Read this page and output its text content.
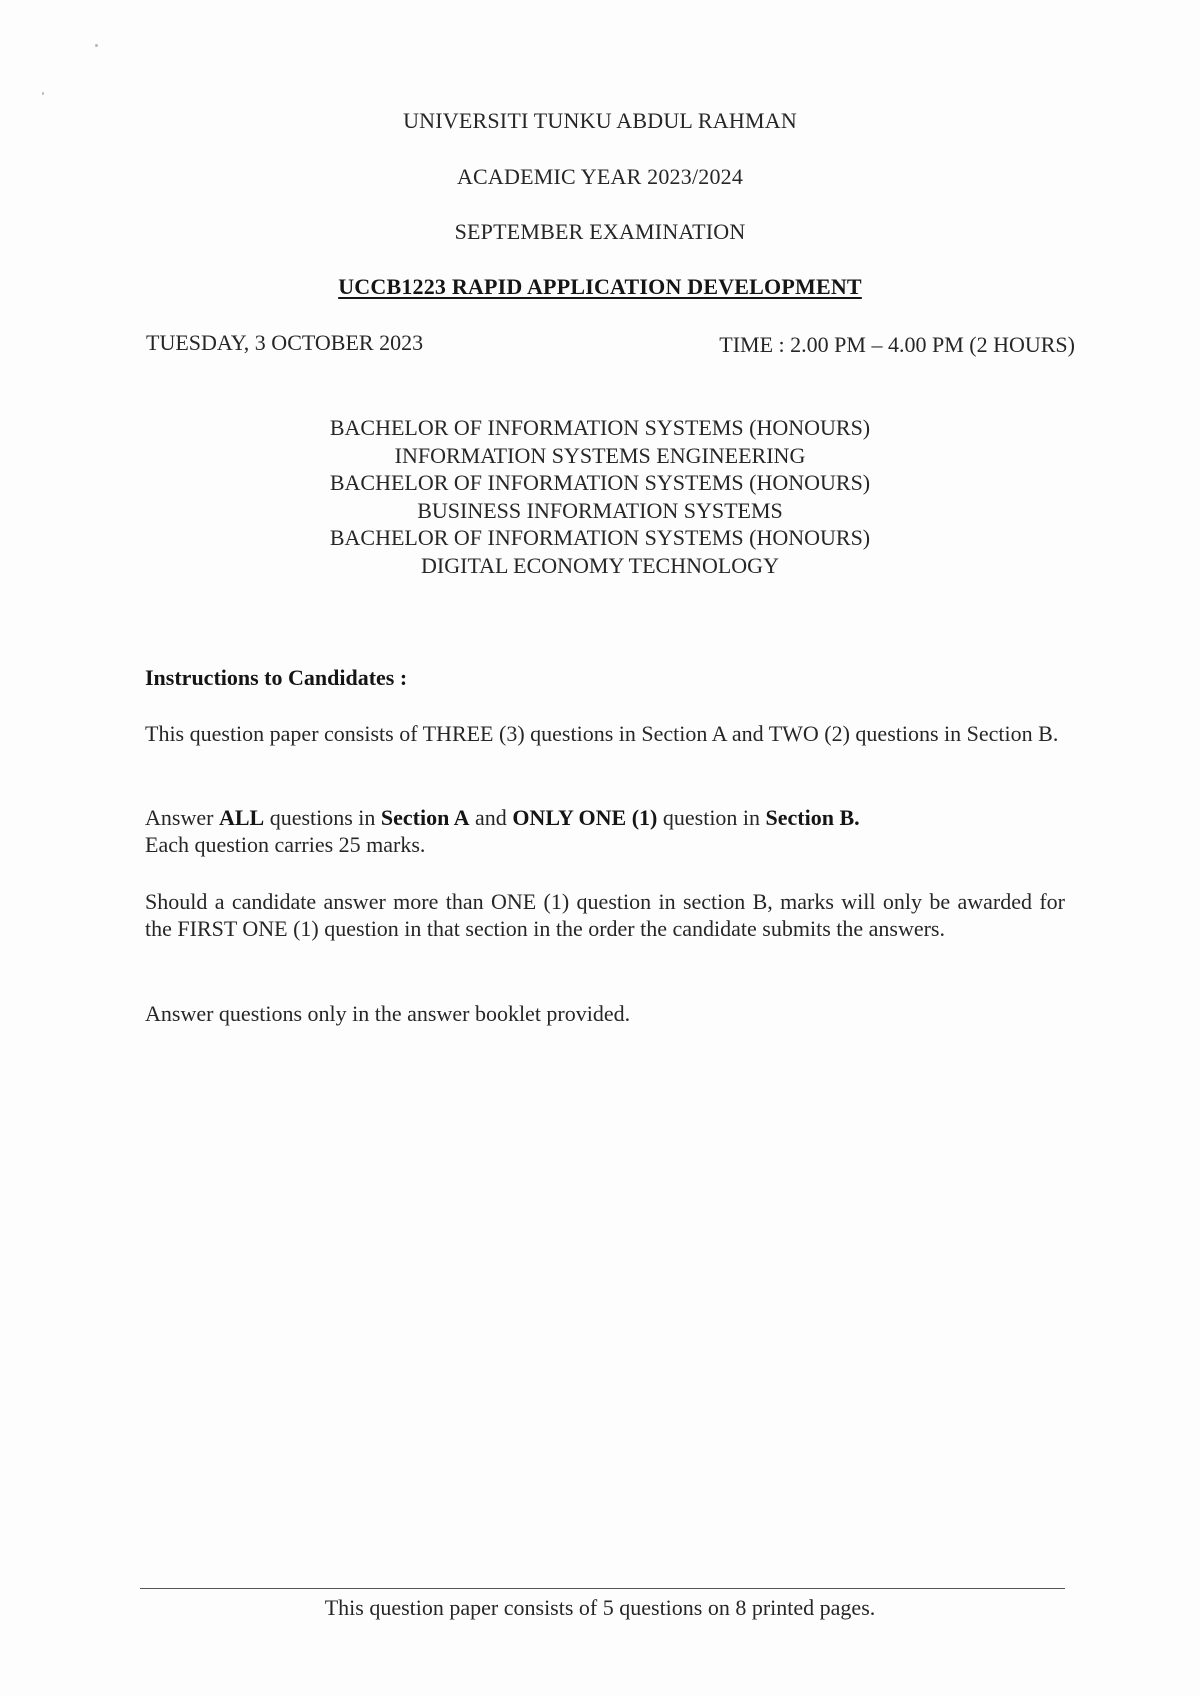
UNIVERSITI TUNKU ABDUL RAHMAN
ACADEMIC YEAR 2023/2024
SEPTEMBER EXAMINATION
UCCB1223 RAPID APPLICATION DEVELOPMENT
TUESDAY, 3 OCTOBER 2023	TIME : 2.00 PM – 4.00 PM (2 HOURS)
BACHELOR OF INFORMATION SYSTEMS (HONOURS)
INFORMATION SYSTEMS ENGINEERING
BACHELOR OF INFORMATION SYSTEMS (HONOURS)
BUSINESS INFORMATION SYSTEMS
BACHELOR OF INFORMATION SYSTEMS (HONOURS)
DIGITAL ECONOMY TECHNOLOGY
Instructions to Candidates :
This question paper consists of THREE (3) questions in Section A and TWO (2) questions in Section B.
Answer ALL questions in Section A and ONLY ONE (1) question in Section B.
Each question carries 25 marks.
Should a candidate answer more than ONE (1) question in section B, marks will only be awarded for the FIRST ONE (1) question in that section in the order the candidate submits the answers.
Answer questions only in the answer booklet provided.
This question paper consists of 5 questions on 8 printed pages.
